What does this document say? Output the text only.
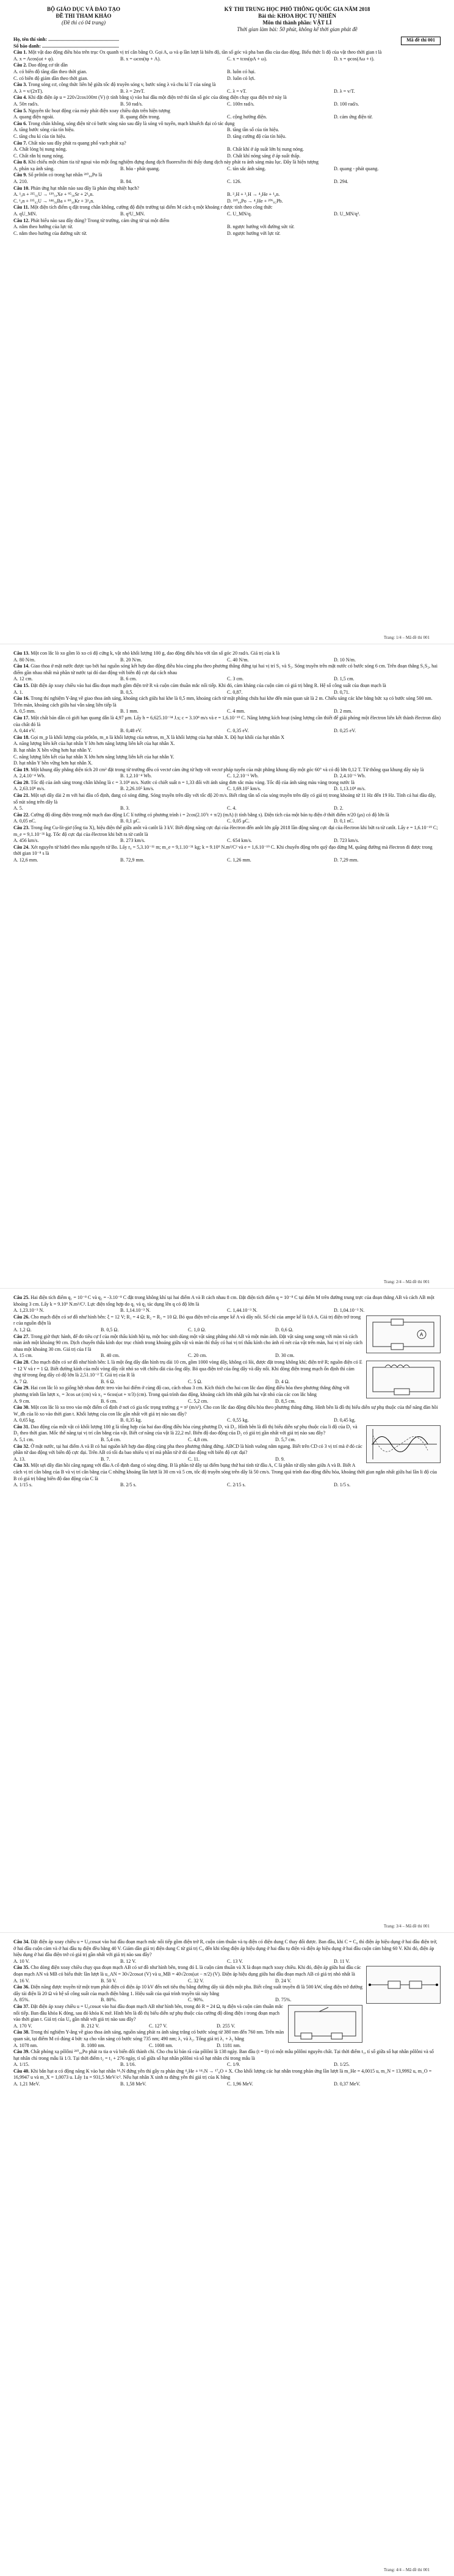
BỘ GIÁO DỤC VÀ ĐÀO TẠO
ĐỀ THI THAM KHẢO
(Đề thi có 04 trang)
KỲ THI TRUNG HỌC PHỔ THÔNG QUỐC GIA NĂM 2018
Bài thi: KHOA HỌC TỰ NHIÊN
Môn thi thành phần: VẬT LÍ
Thời gian làm bài: 50 phút, không kể thời gian phát đề
Họ, tên thí sinh: ..........................................................
Số báo danh: ...............................................................
Mã đề thi 001
Câu 1. Một vật dao động điều hòa trên trục Ox quanh vị trí cân bằng O. Gọi A, ω và φ lần lượt là biên độ, tần số góc và pha ban đầu của dao động. Biểu thức li độ của vật theo thời gian t là
A. x = Acos(ωt + φ).	B. x = ωcos(tφ + A).	C. x = tcos(φA + ω).	D. x = φcos(Aω + t).
Câu 2. Dao động cơ tắt dần
A. có biên độ tăng dần theo thời gian.	B. luôn có hại.
C. có biên độ giảm dần theo thời gian.	D. luôn có lợi.
Câu 3. Trong sóng cơ, công thức liên hệ giữa tốc độ truyền sóng v, bước sóng λ và chu kì T của sóng là
A. λ = v/(2πT).	B. λ = 2πvT.	C. λ = vT.	D. λ = v/T.
Câu 4. Khi đặt điện áp u = 220√2cos100πt (V) (t tính bằng s) vào hai đầu một điện trở thì tần số góc của dòng điện chạy qua điện trở này là
A. 50π rad/s.	B. 50 rad/s.	C. 100π rad/s.	D. 100 rad/s.
Câu 5. Nguyên tắc hoạt động của máy phát điện xoay chiều dựa trên hiện tượng
A. quang điện ngoài.	B. quang điện trong.	C. cộng hưởng điện.	D. cảm ứng điện từ.
Câu 6. Trong chân không, sóng điện từ có bước sóng nào sau đây là sóng vô tuyến, mạch khuếch đại có tác dụng
A. tăng bước sóng của tín hiệu.	B. tăng tần số của tín hiệu.
C. tăng chu kì của tín hiệu.	D. tăng cường độ của tín hiệu.
Câu 7. Chất nào sau đây phát ra quang phổ vạch phát xạ?
A. Chất lỏng bị nung nóng.	B. Chất khí ở áp suất lớn bị nung nóng.
C. Chất rắn bị nung nóng.	D. Chất khí nóng sáng ở áp suất thấp.
Câu 8. Khi chiếu một chùm tia tử ngoại vào một ống nghiệm đựng dung dịch fluorexêin thì thấy dung dịch này phát ra ánh sáng màu lục. Đây là hiện tượng
A. phản xạ ánh sáng.	B. hóa - phát quang.	C. tán sắc ánh sáng.	D. quang - phát quang.
Câu 9. Số prôtôn có trong hạt nhân ²¹⁰₈₄Po là
A. 210.	B. 84.	C. 126.	D. 294.
Câu 10. Phản ứng hạt nhân nào sau đây là phản ứng nhiệt hạch?
A. ¹₀n + ²³⁵₉₂U → ¹³⁹₅₄Xe + ⁹⁵₃₈Sr + 2¹₀n.	B. ²₁H + ³₁H → ⁴₂He + ¹₀n.
C. ¹₀n + ²³⁵₉₂U → ¹⁴⁴₅₆Ba + ⁸⁹₃₆Kr + 3¹₀n.	D. ²¹⁰₈₄Po → ⁴₂He + ²⁰⁶₈₂Pb.
Câu 11. Một điện tích điểm q đặt trong chân không, cường độ điện trường tại điểm M cách q một khoảng r được tính theo công thức
A. qU_MN.	B. q²U_MN.	C. U_MN/q.	D. U_MN/q².
Câu 12. Phát biểu nào sau đây đúng? Trong từ trường, cảm ứng từ tại một điểm
A. nằm theo hướng của lực từ.	B. ngược hướng với đường sức từ.
C. nằm theo hướng của đường sức từ.	D. ngược hướng với lực từ.
Trang: 1/4 – Mã đề thi 001
Câu 13. Một con lắc lò xo gồm lò xo có độ cứng k, vật nhỏ khối lượng 100 g, dao động điều hòa với tần số góc 20 rad/s. Giá trị của k là
A. 80 N/m.	B. 20 N/m.	C. 40 N/m.	D. 10 N/m.
Câu 14. Giao thoa ở mặt nước được tạo bởi hai nguồn sóng kết hợp dao động điều hòa cùng pha theo phương thẳng đứng tại hai vị trí S₁ và S₂. Sóng truyền trên mặt nước có bước sóng 6 cm. Trên đoạn thẳng S₁S₂, hai điểm gần nhau nhất mà phần tử nước tại đó dao động với biên độ cực đại cách nhau
A. 12 cm.	B. 6 cm.	C. 3 cm.	D. 1,5 cm.
Câu 15. Đặt điện áp xoay chiều vào hai đầu đoạn mạch gồm điện trở R và cuộn cảm thuần mắc nối tiếp. Khi đó, cảm kháng của cuộn cảm có giá trị bằng R. Hệ số công suất của đoạn mạch là
A. 1.	B. 0,5.	C. 0,87.	D. 0,71.
Câu 16. Trong thí nghiệm Y-âng về giao thoa ánh sáng, khoảng cách giữa hai khe là 0,5 mm, khoảng cách từ mặt phẳng chứa hai khe đến màn quan sát là 2 m. Chiếu sáng các khe bằng bức xạ có bước sóng 500 nm. Trên màn, khoảng cách giữa hai vân sáng liên tiếp là
A. 0,5 mm.	B. 1 mm.	C. 4 mm.	D. 2 mm.
Câu 17. Một chất bán dẫn có giới hạn quang dẫn là 4,97 μm. Lấy h = 6,625.10⁻³⁴ J.s; c = 3.10⁸ m/s và e = 1,6.10⁻¹⁹ C. Năng lượng kích hoạt (năng lượng cần thiết để giải phóng một êlectron liên kết thành êlectron dẫn) của chất đó là
A. 0,44 eV.	B. 0,48 eV.	C. 0,35 eV.	D. 0,25 eV.
Câu 18. Gọi m_p là khối lượng của prôtôn, m_n là khối lượng của nơtron, m_X là khối lượng của hạt nhân X. Độ hụt khối của hạt nhân X
A. năng lượng liên kết của hạt nhân Y lớn hơn năng lượng liên kết của hạt nhân X.
B. hạt nhân X bền vững hơn hạt nhân Y.
C. năng lượng liên kết của hạt nhân X lớn hơn năng lượng liên kết của hạt nhân Y.
D. hạt nhân Y bền vững hơn hạt nhân X.
Câu 19. Một khung dây phẳng diện tích 20 cm² đặt trong từ trường đều có vectơ cảm ứng từ hợp với vectơ pháp tuyến của mặt phẳng khung dây một góc 60° và có độ lớn 0,12 T. Từ thông qua khung dây này là
A. 2,4.10⁻⁴ Wb.	B. 1,2.10⁻⁴ Wb.	C. 1,2.10⁻⁶ Wb.	D. 2,4.10⁻⁶ Wb.
Câu 20. Tốc độ của ánh sáng trong chân không là c = 3.10⁸ m/s. Nước có chiết suất n = 1,33 đối với ánh sáng đơn sắc màu vàng. Tốc độ của ánh sáng màu vàng trong nước là
A. 2,63.10⁸ m/s.	B. 2,26.10⁵ km/s.	C. 1,69.10⁵ km/s.	D. 1,13.10⁸ m/s.
Câu 21. Một sợi dây dài 2 m với hai đầu cố định, đang có sóng dừng. Sóng truyền trên dây với tốc độ 20 m/s. Biết rằng tần số của sóng truyền trên dây có giá trị trong khoảng từ 11 Hz đến 19 Hz. Tính cả hai đầu dây, số nút sóng trên dây là
A. 5.	B. 3.	C. 4.	D. 2.
Câu 22. Cường độ dòng điện trong một mạch dao động LC lí tưởng có phương trình i = 2cos(2.10⁷t + π/2) (mA) (t tính bằng s). Điện tích của một bản tụ điện ở thời điểm π/20 (μs) có độ lớn là
A. 0,05 nC.	B. 0,1 μC.	C. 0,05 μC.	D. 0,1 nC.
Câu 23. Trong ống Cu-lít-giơ (ống tia X), hiệu điện thế giữa anôt và catôt là 3 kV. Biết động năng cực đại của êlectron đến anôt lớn gấp 2018 lần động năng cực đại của êlectron khi bứt ra từ catôt. Lấy e = 1,6.10⁻¹⁹ C; m_e = 9,1.10⁻³¹ kg. Tốc độ cực đại của êlectron khi bứt ra từ catôt là
A. 456 km/s.	B. 273 km/s.	C. 654 km/s.	D. 723 km/s.
Câu 24. Xét nguyên tử hiđrô theo mẫu nguyên tử Bo. Lấy r₀ = 5,3.10⁻¹¹ m; m_e = 9,1.10⁻³¹ kg; k = 9.10⁹ N.m²/C² và e = 1,6.10⁻¹⁹ C. Khi chuyển động trên quỹ đạo dừng M, quãng đường mà êlectron đi được trong thời gian 10⁻⁸ s là
A. 12,6 mm.	B. 72,9 mm.	C. 1,26 mm.	D. 7,29 mm.
Trang: 2/4 – Mã đề thi 001
Câu 25. Hai điện tích điểm q₁ = 10⁻⁸ C và q₂ = -3.10⁻⁸ C đặt trong không khí tại hai điểm A và B cách nhau 8 cm. Đặt điện tích điểm q = 10⁻⁸ C tại điểm M trên đường trung trực của đoạn thẳng AB và cách AB một khoảng 3 cm. Lấy k = 9.10⁹ N.m²/C². Lực điện tổng hợp do q₁ và q₂ tác dụng lên q có độ lớn là
A. 1,23.10⁻³ N.	B. 1,14.10⁻³ N.	C. 1,44.10⁻³ N.	D. 1,04.10⁻³ N.
A
Câu 26. Cho mạch điện có sơ đồ như hình bên: ξ = 12 V; R₁ = 4 Ω; R₂ = R₃ = 10 Ω. Bỏ qua điện trở của ampe kế A và dây nối. Số chỉ của ampe kế là 0,6 A. Giá trị điện trở trong r của nguồn điện là
A. 1,2 Ω.	B. 0,5 Ω.	C. 1,0 Ω.	D. 0,6 Ω.
Câu 27. Trong giờ thực hành, để đo tiêu cự f của một thấu kính hội tụ, một học sinh dùng một vật sáng phẳng nhỏ AB và một màn ảnh. Đặt vật sáng song song với màn và cách màn ảnh một khoảng 90 cm. Dịch chuyển thấu kính dọc trục chính trong khoảng giữa vật và màn thì thấy có hai vị trí thấu kính cho ảnh rõ nét của vật trên màn, hai vị trí này cách nhau một khoảng 30 cm. Giá trị của f là
A. 15 cm.	B. 40 cm.	C. 20 cm.	D. 30 cm.
Câu 28. Cho mạch điện có sơ đồ như hình bên: L là một ống dây dẫn hình trụ dài 10 cm, gồm 1000 vòng dây, không có lõi, được đặt trong không khí; điện trở R; nguồn điện có E = 12 V và r = 1 Ω. Biết đường kính của mỗi vòng dây rất nhỏ so với chiều dài của ống dây. Bỏ qua điện trở của ống dây và dây nối. Khi dòng điện trong mạch ổn định thì cảm ứng từ trong ống dây có độ lớn là 2,51.10⁻² T. Giá trị của R là
A. 7 Ω.	B. 6 Ω.	C. 5 Ω.	D. 4 Ω.
Câu 29. Hai con lắc lò xo giống hệt nhau được treo vào hai điểm ở cùng độ cao, cách nhau 3 cm. Kích thích cho hai con lắc dao động điều hòa theo phương thẳng đứng với phương trình lần lượt x₁ = 3cos ωt (cm) và x₂ = 6cos(ωt + π/3) (cm). Trong quá trình dao động, khoảng cách lớn nhất giữa hai vật nhỏ của các con lắc bằng
A. 9 cm.	B. 6 cm.	C. 5,2 cm.	D. 8,5 cm.
Câu 30. Một con lắc lò xo treo vào một điểm cố định ở nơi có gia tốc trọng trường g = π² (m/s²). Cho con lắc dao động điều hòa theo phương thẳng đứng. Hình bên là đồ thị biểu diễn sự phụ thuộc của thế năng đàn hồi W_đh của lò xo vào thời gian t. Khối lượng của con lắc gần nhất với giá trị nào sau đây?
A. 0,65 kg.	B. 0,35 kg.	C. 0,55 kg.	D. 0,45 kg.
Câu 31. Dao động của một vật có khối lượng 100 g là tổng hợp của hai dao động điều hòa cùng phương D₁ và D₂. Hình bên là đồ thị biểu diễn sự phụ thuộc của li độ của D₁ và D₂ theo thời gian. Mốc thế năng tại vị trí cân bằng của vật. Biết cơ năng của vật là 22,2 mJ. Biên độ dao động của D₂ có giá trị gần nhất với giá trị nào sau đây?
A. 5,1 cm.	B. 5,4 cm.	C. 4,8 cm.	D. 5,7 cm.
Câu 32. Ở mặt nước, tại hai điểm A và B có hai nguồn kết hợp dao động cùng pha theo phương thẳng đứng. ABCD là hình vuông nằm ngang. Biết trên CD có 3 vị trí mà ở đó các phần tử dao động với biên độ cực đại. Trên AB có tối đa bao nhiêu vị trí mà phần tử ở đó dao động với biên độ cực đại?
A. 13.	B. 7.	C. 11.	D. 9.
Câu 33. Một sợi dây đàn hồi căng ngang với đầu A cố định đang có sóng dừng. B là phần tử dây tại điểm bụng thứ hai tính từ đầu A, C là phần tử dây nằm giữa A và B. Biết A cách vị trí cân bằng của B và vị trí cân bằng của C những khoảng lần lượt là 30 cm và 5 cm, tốc độ truyền sóng trên dây là 50 cm/s. Trong quá trình dao động điều hòa, khoảng thời gian ngắn nhất giữa hai lần li độ của B có giá trị bằng biên độ dao động của C là
A. 1/15 s.	B. 2/5 s.	C. 2/15 s.	D. 1/5 s.
Trang: 3/4 – Mã đề thi 001
Câu 34. Đặt điện áp xoay chiều u = U₀cosωt vào hai đầu đoạn mạch mắc nối tiếp gồm điện trở R, cuộn cảm thuần và tụ điện có điện dung C thay đổi được. Ban đầu, khi C = C₀ thì điện áp hiệu dụng ở hai đầu điện trở, ở hai đầu cuộn cảm và ở hai đầu tụ điện đều bằng 40 V. Giảm dần giá trị điện dung C từ giá trị C₀ đến khi tổng điện áp hiệu dụng ở hai đầu tụ điện và điện áp hiệu dụng ở hai đầu cuộn cảm bằng 60 V. Khi đó, điện áp hiệu dụng ở hai đầu điện trở có giá trị gần nhất với giá trị nào sau đây?
A. 10 V.	B. 12 V.	C. 13 V.	D. 11 V.
Câu 35. Cho dòng điện xoay chiều chạy qua đoạn mạch AB có sơ đồ như hình bên, trong đó L là cuộn cảm thuần và X là đoạn mạch xoay chiều. Khi đó, điện áp giữa hai đầu các đoạn mạch AN và MB có biểu thức lần lượt là u_AN = 30√2cosωt (V) và u_MB = 40√2cos(ωt − π/2) (V). Điện áp hiệu dụng giữa hai đầu đoạn mạch AB có giá trị nhỏ nhất là
A. 16 V.	B. 50 V.	C. 32 V.	D. 24 V.
Câu 36. Điện năng được truyền từ một trạm phát điện có điện áp 10 kV đến nơi tiêu thụ bằng đường dây tải điện một pha. Biết công suất truyền đi là 500 kW, tổng điện trở đường dây tải điện là 20 Ω và hệ số công suất của mạch điện bằng 1. Hiệu suất của quá trình truyền tải này bằng
A. 85%.	B. 80%.	C. 90%.	D. 75%.
Câu 37. Đặt điện áp xoay chiều u = U₀cosωt vào hai đầu đoạn mạch AB như hình bên, trong đó R = 24 Ω, tụ điện và cuộn cảm thuần mắc nối tiếp. Ban đầu khóa K đóng, sau đó khóa K mở. Hình bên là đồ thị biểu diễn sự phụ thuộc của cường độ dòng điện i trong đoạn mạch vào thời gian t. Giá trị của U₀ gần nhất với giá trị nào sau đây?
A. 170 V.	B. 212 V.	C. 127 V.	D. 255 V.
Câu 38. Trong thí nghiệm Y-âng về giao thoa ánh sáng, nguồn sáng phát ra ánh sáng trắng có bước sóng từ 380 nm đến 760 nm. Trên màn quan sát, tại điểm M có đúng 4 bức xạ cho vân sáng có bước sóng 735 nm; 490 nm; λ₁ và λ₂. Tổng giá trị λ₁ + λ₂ bằng
A. 1078 nm.	B. 1080 nm.	C. 1008 nm.	D. 1181 nm.
Câu 39. Chất phóng xạ pôlôni ²¹⁰₈₄Po phát ra tia α và biến đổi thành chì. Cho chu kì bán rã của pôlôni là 138 ngày. Ban đầu (t = 0) có một mẫu pôlôni nguyên chất. Tại thời điểm t₁, tỉ số giữa số hạt nhân pôlôni và số hạt nhân chì trong mẫu là 1/3. Tại thời điểm t₂ = t₁ + 276 ngày, tỉ số giữa số hạt nhân pôlôni và số hạt nhân chì trong mẫu là
A. 1/15.	B. 1/16.	C. 1/9.	D. 1/25.
Câu 40. Khi bắn hạt α có động năng K vào hạt nhân ¹⁴₇N đứng yên thì gây ra phản ứng ⁴₂He + ¹⁴₇N → ¹⁷₈O + X. Cho khối lượng các hạt nhân trong phản ứng lần lượt là m_He = 4,0015 u, m_N = 13,9992 u, m_O = 16,9947 u và m_X = 1,0073 u. Lấy 1u = 931,5 MeV/c². Nếu hạt nhân X sinh ra đứng yên thì giá trị của K bằng
A. 1,21 MeV.	B. 1,58 MeV.	C. 1,96 MeV.	D. 0,37 MeV.
Trang: 4/4 – Mã đề thi 001
